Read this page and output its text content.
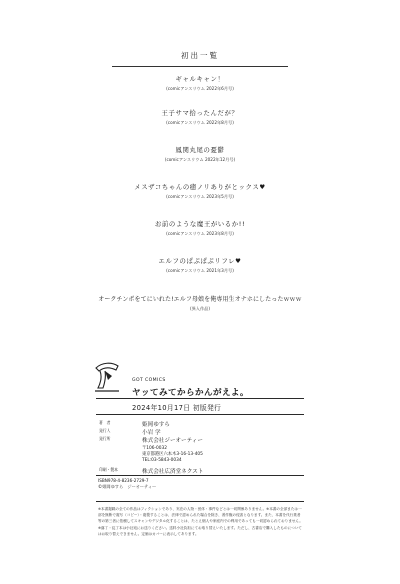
初出一覧
ギャルキャン！
(comicアンスリウム 2022年6月号)
王子サマ拾ったんだが？
(comicアンスリウム 2022年8月号)
鳳関丸尾の憂鬱
(comicアンスリウム 2022年12月号)
メスザコちゃんの癒ノリありがとックス♥
(comicアンスリウム 2023年5月号)
お前のような魔王がいるか!!
(comicアンスリウム 2023年8月号)
エルフのぱぷぱぷリフレ♥
(comicアンスリウム 2021年3月号)
オークチンポをてにいれた!エルフ母娘を俺専用生オナホにしたったｗｗｗ
(異入作品)
GOT COMICS
ヤッてみてからかんがえよ。
2024年10月17日 初版発行
著　者	姫岡ゆすら
発行人	小岩 学
発行所	株式会社ジーオーティー
〒106-0032
東京都港区六本木3-16-13-405
TEL:03-5843-0034
印刷・製本	株式会社広済堂ネクスト
ISBN978-4-8236-2729-7
©姫岡ゆすら　ジーオーティー
※本書掲載の全ての作品はフィクションであり、実在の人物・団体・事件などとは一切関係ありません。※本書の全部または一部を無断で複写（コピー）・複製することは、法律で認められた場合を除き、著作権の侵害となります。また、本書を代行業者等の第三者に依頼してスキャンやデジタル化することは、たとえ個人や家庭内での利用であっても一切認められておりません。※落丁・乱丁本は小社宛にお送りください。送料小社負担にてお取り替えいたします。ただし、古書店で購入したものについてはお取り替えできません。定価はカバーに表示してあります。
